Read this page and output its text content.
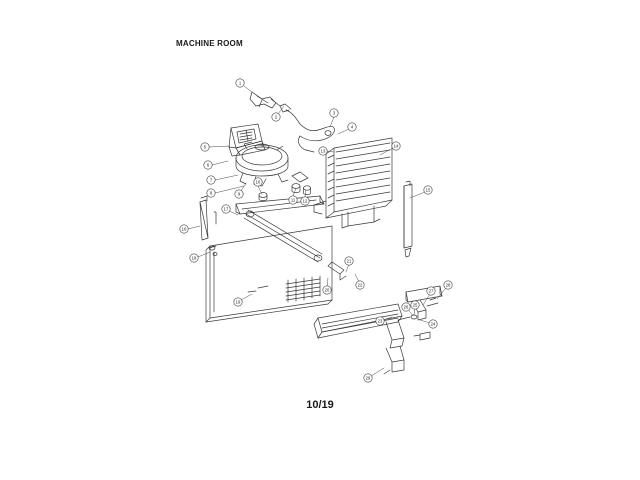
MACHINE ROOM
1
2
3
4
5
6
7
8	9
10
11 12
13
14
15
16
17
18
19
20
21
22
23
24
25
26
27
28
29
10/19
